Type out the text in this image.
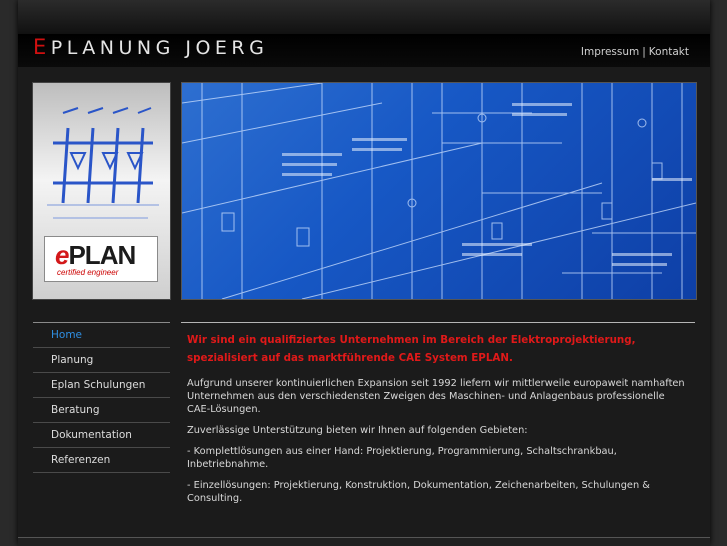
EPLANUNG JOERG	Impressum | Kontakt
ePLAN
certified engineer
Home
Planung
Eplan Schulungen
Beratung
Dokumentation
Referenzen
Wir sind ein qualifiziertes Unternehmen im Bereich der Elektroprojektierung,
spezialisiert auf das marktführende CAE System EPLAN.
Aufgrund unserer kontinuierlichen Expansion seit 1992 liefern wir mittlerweile europaweit namhaften Unternehmen aus den verschiedensten Zweigen des Maschinen- und Anlagenbaus professionelle CAE-Lösungen.
Zuverlässige Unterstützung bieten wir Ihnen auf folgenden Gebieten:
- Komplettlösungen aus einer Hand: Projektierung, Programmierung, Schaltschrankbau, Inbetriebnahme.
- Einzellösungen: Projektierung, Konstruktion, Dokumentation, Zeichenarbeiten, Schulungen & Consulting.
